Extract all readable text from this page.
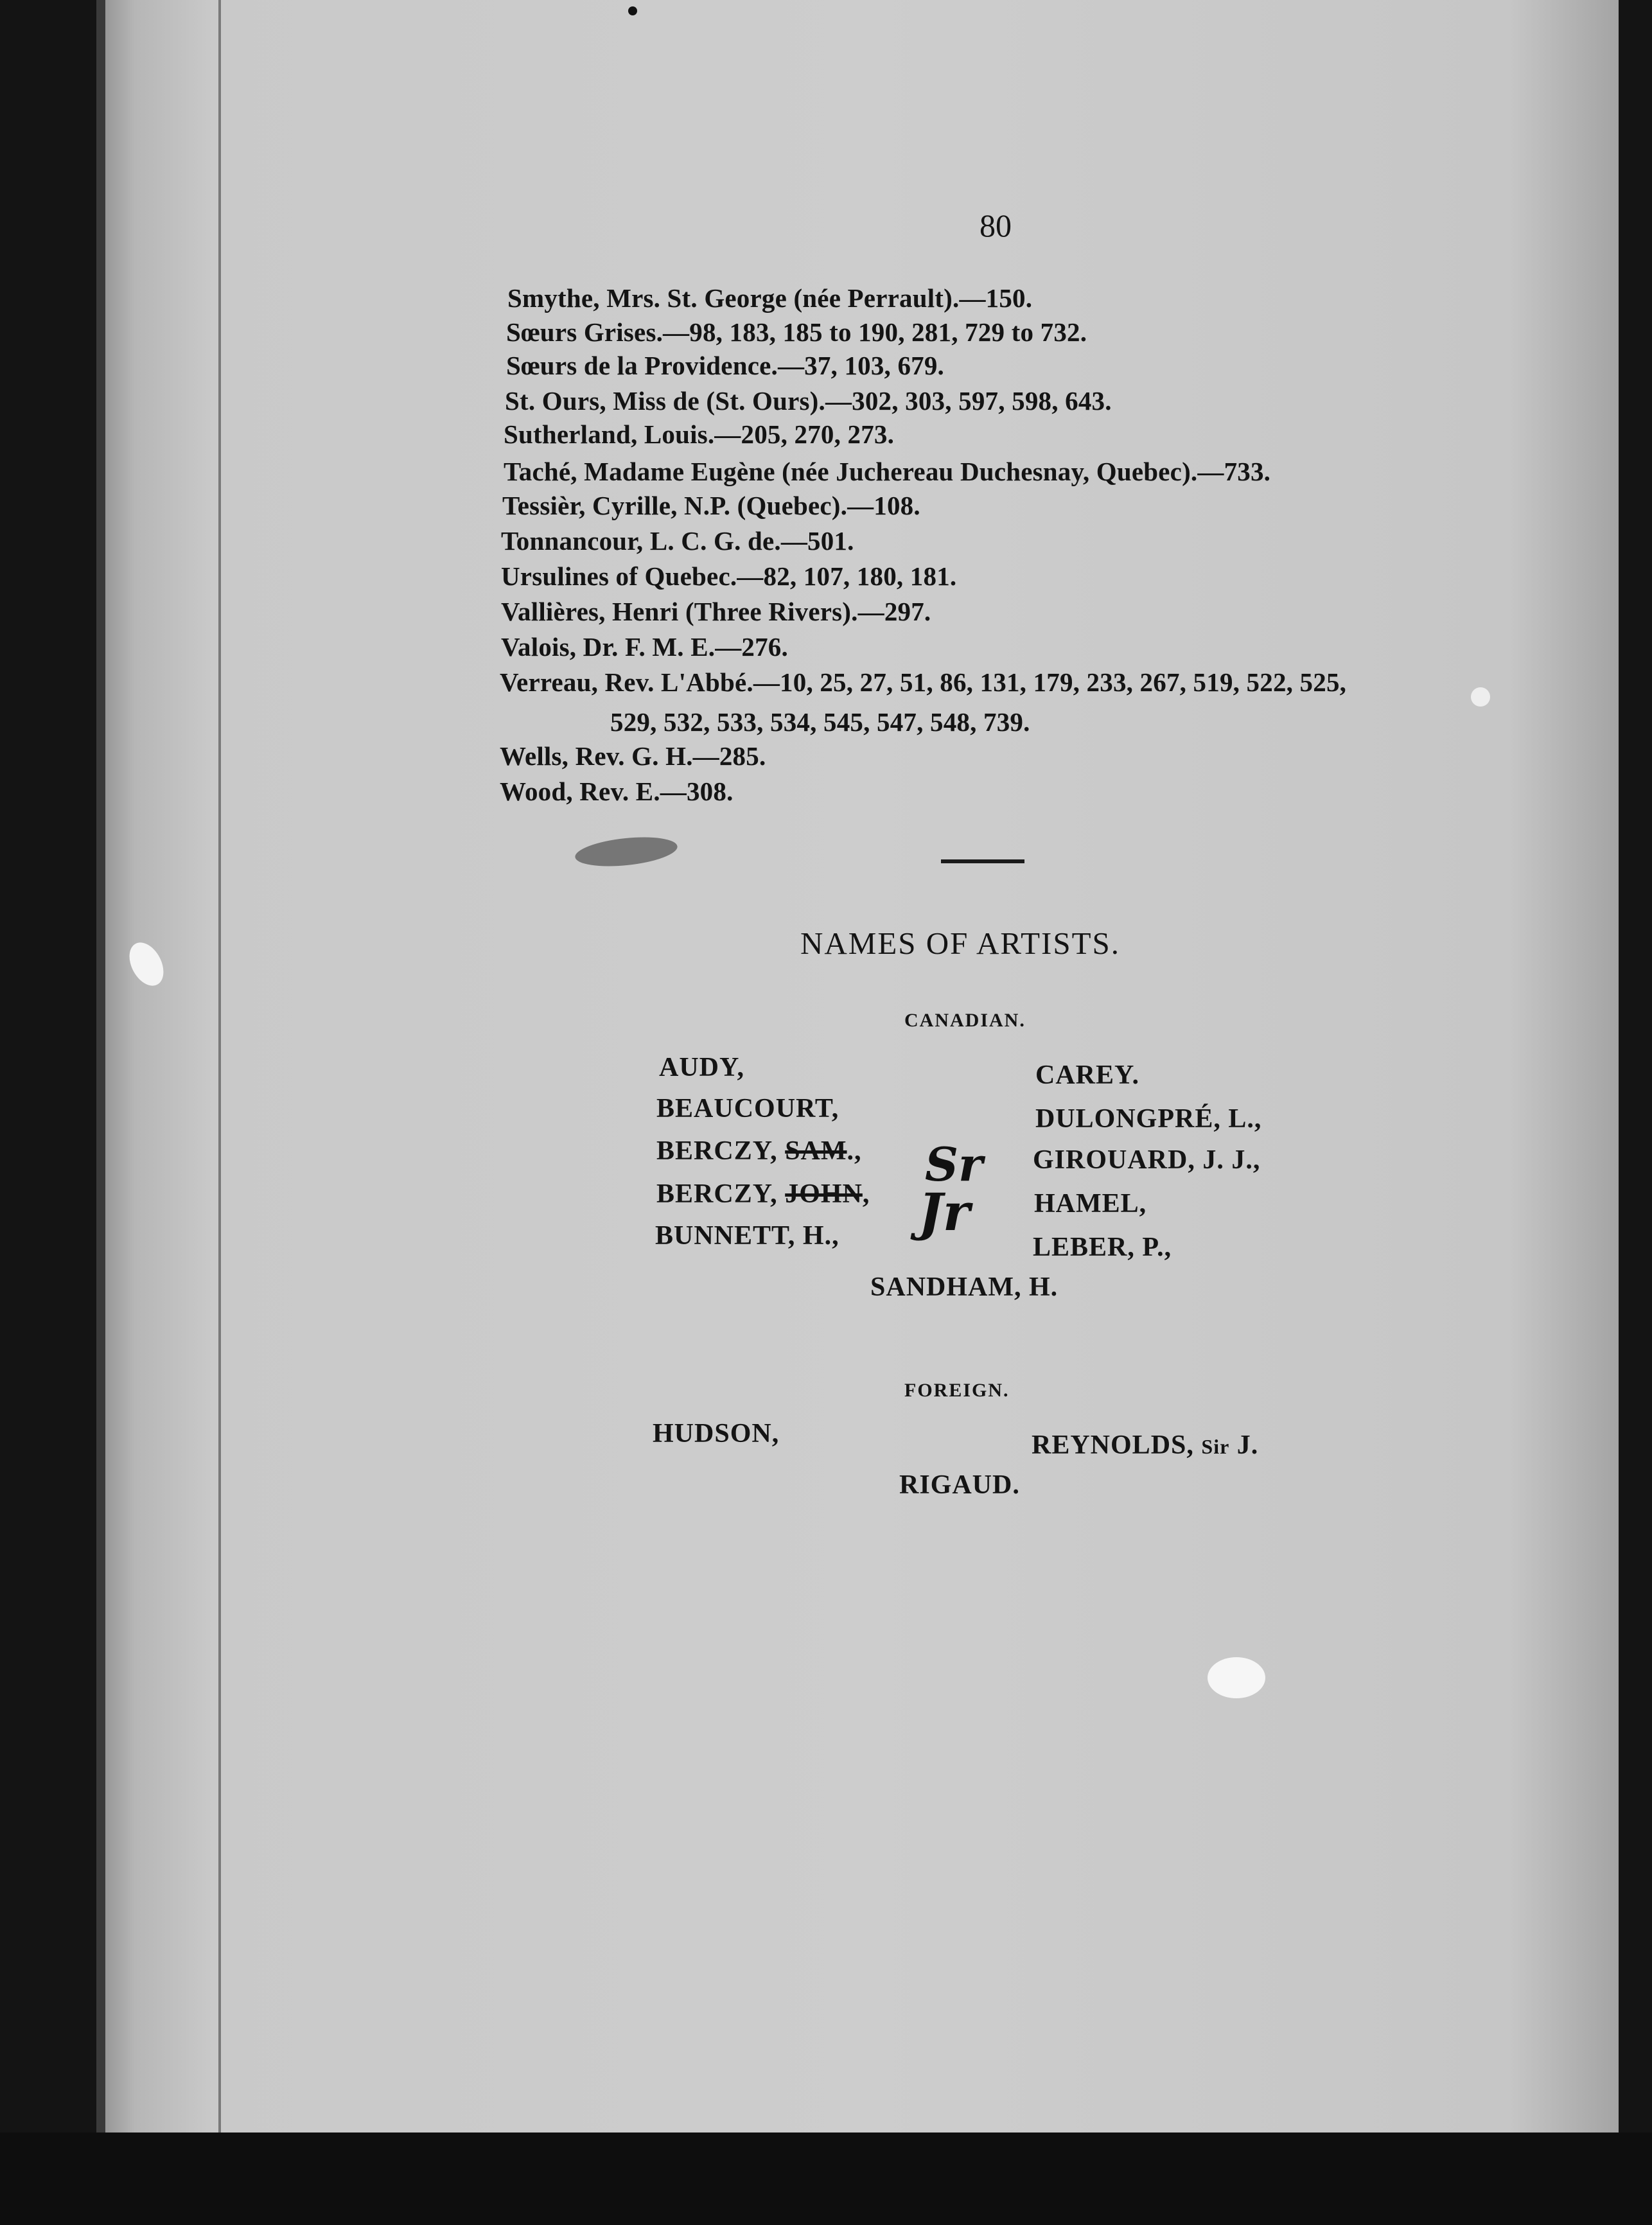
80
Smythe, Mrs. St. George (née Perrault).—150.
Sœurs Grises.—98, 183, 185 to 190, 281, 729 to 732.
Sœurs de la Providence.—37, 103, 679.
St. Ours, Miss de (St. Ours).—302, 303, 597, 598, 643.
Sutherland, Louis.—205, 270, 273.
Taché, Madame Eugène (née Juchereau Duchesnay, Quebec).—733.
Tessièr, Cyrille, N.P. (Quebec).—108.
Tonnancour, L. C. G. de.—501.
Ursulines of Quebec.—82, 107, 180, 181.
Vallières, Henri (Three Rivers).—297.
Valois, Dr. F. M. E.—276.
Verreau, Rev. L'Abbé.—10, 25, 27, 51, 86, 131, 179, 233, 267, 519, 522, 525,
529, 532, 533, 534, 545, 547, 548, 739.
Wells, Rev. G. H.—285.
Wood, Rev. E.—308.
NAMES OF ARTISTS.
CANADIAN.
AUDY,
BEAUCOURT,
BERCZY, SAM.,
BERCZY, JOHN,
BUNNETT, H.,
Sr
Jr
CAREY.
DULONGPRÉ, L.,
GIROUARD, J. J.,
HAMEL,
LEBER, P.,
SANDHAM, H.
FOREIGN.
HUDSON,	REYNOLDS, Sir J.
RIGAUD.
